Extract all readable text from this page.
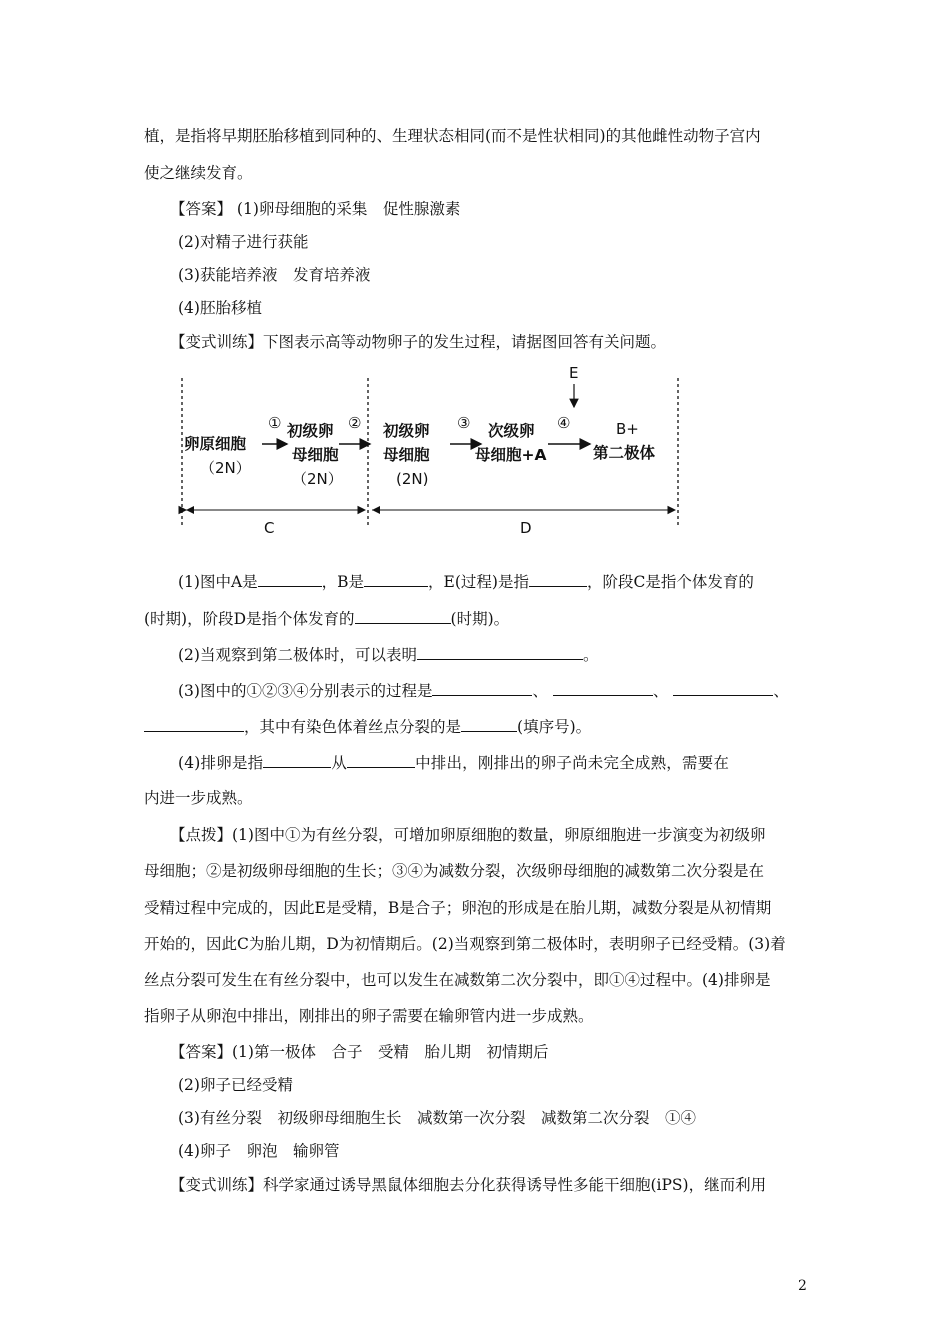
植，是指将早期胚胎移植到同种的、生理状态相同(而不是性状相同)的其他雌性动物子宫内
使之继续发育。
【答案】 (1)卵母细胞的采集　促性腺激素
(2)对精子进行获能
(3)获能培养液　发育培养液
(4)胚胎移植
【变式训练】下图表示高等动物卵子的发生过程，请据图回答有关问题。
E
卵原细胞
（2N）
① 初级卵
母细胞
（2N）
② 初级卵
母细胞
(2N)
③ 次级卵
母细胞+A
④	B+
第二极体
C	D
(1)图中A是	，B是	，E(过程)是指	，阶段C是指个体发育的
(时期)，阶段D是指个体发育的	(时期)。
(2)当观察到第二极体时，可以表明	。
(3)图中的①②③④分别表示的过程是	、	、	、
，其中有染色体着丝点分裂的是	(填序号)。
(4)排卵是指	从	中排出，刚排出的卵子尚未完全成熟，需要在
内进一步成熟。
【点拨】(1)图中①为有丝分裂，可增加卵原细胞的数量，卵原细胞进一步演变为初级卵
母细胞；②是初级卵母细胞的生长；③④为减数分裂，次级卵母细胞的减数第二次分裂是在
受精过程中完成的，因此E是受精，B是合子；卵泡的形成是在胎儿期，减数分裂是从初情期
开始的，因此C为胎儿期，D为初情期后。(2)当观察到第二极体时，表明卵子已经受精。(3)着
丝点分裂可发生在有丝分裂中，也可以发生在减数第二次分裂中，即①④过程中。(4)排卵是
指卵子从卵泡中排出，刚排出的卵子需要在输卵管内进一步成熟。
【答案】(1)第一极体　合子　受精　胎儿期　初情期后
(2)卵子已经受精
(3)有丝分裂　初级卵母细胞生长　减数第一次分裂　减数第二次分裂　①④
(4)卵子　卵泡　输卵管
【变式训练】科学家通过诱导黑鼠体细胞去分化获得诱导性多能干细胞(iPS)，继而利用
2
